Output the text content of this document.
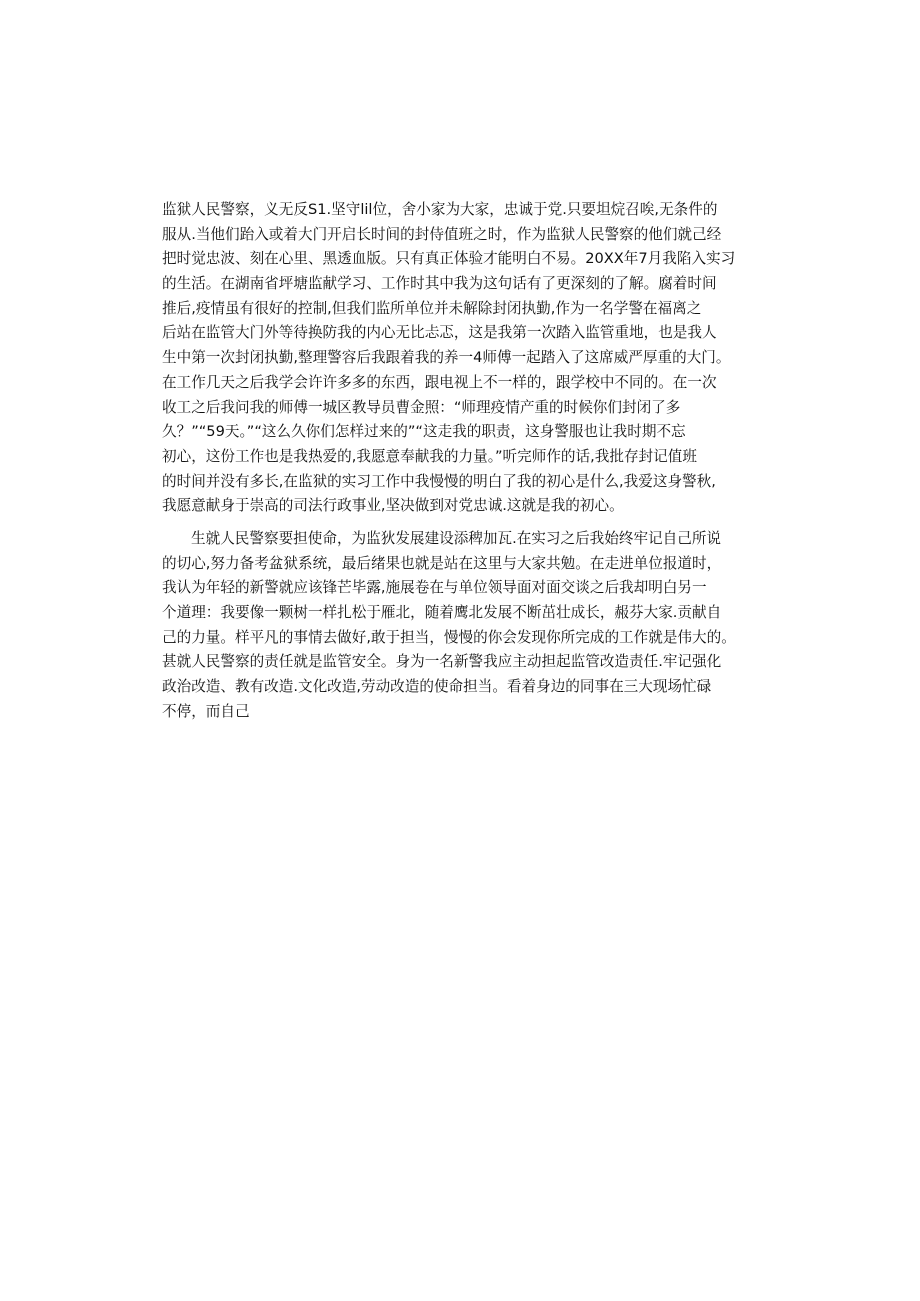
监狱人民警察，义无反S1.坚守lil位，舍小家为大家，忠诚于党.只要坦烷召唉,无条件的
服从.当他们跆入或着大门开启长时间的封侍值班之时，作为监狱人民警察的他们就己经
把时觉忠波、刻在心里、黑透血版。只有真正体验才能明白不易。20XX年7月我陷入实习
的生活。在湖南省坪塘监献学习、工作时其中我为这句话有了更深刻的了解。腐着时间
推后,疫情虽有很好的控制,但我们监所单位并未解除封闭执勤,作为一名学警在福离之
后站在监管大门外等待换防我的内心无比忐忑，这是我第一次踏入监管重地，也是我人
生中第一次封闭执勤,整理警容后我跟着我的养一4师傅一起踏入了这席威严厚重的大门。
在工作几天之后我学会许许多多的东西，跟电视上不一样的，跟学校中不同的。在一次
收工之后我问我的师傅一城区教导员曹金照：“师理疫情产重的时候你们封闭了多
久？”“59天。”“这么久你们怎样过来的”“这走我的职责，这身警服也让我时期不忘
初心，这份工作也是我热爱的,我愿意奉献我的力量。”听完师作的话,我批存封记值班
的时间并没有多长,在监狱的实习工作中我慢慢的明白了我的初心是什么,我爱这身警秋,
我愿意献身于崇高的司法行政事业,坚决做到对党忠诚.这就是我的初心。
生就人民警察要担使命，为监狄发展建设添稗加瓦.在实习之后我始终牢记自己所说
的切心,努力备考盆狱系统，最后绪果也就是站在这里与大家共勉。在走进单位报道时，
我认为年轻的新警就应该锋芒毕露,施展卷在与单位领导面对面交谈之后我却明白另一
个道理：我要像一颗树一样扎松于雁北，随着鹰北发展不断茁壮成长，赧芬大家.贡献自
己的力量。样平凡的事情去做好,敢于担当，慢慢的你会发现你所完成的工作就是伟大的。
甚就人民警察的责任就是监管安全。身为一名新警我应主动担起监管改造责任.牢记强化
政治改造、教有改造.文化改造,劳动改造的使命担当。看着身边的同事在三大现场忙碌
不停，而自己
